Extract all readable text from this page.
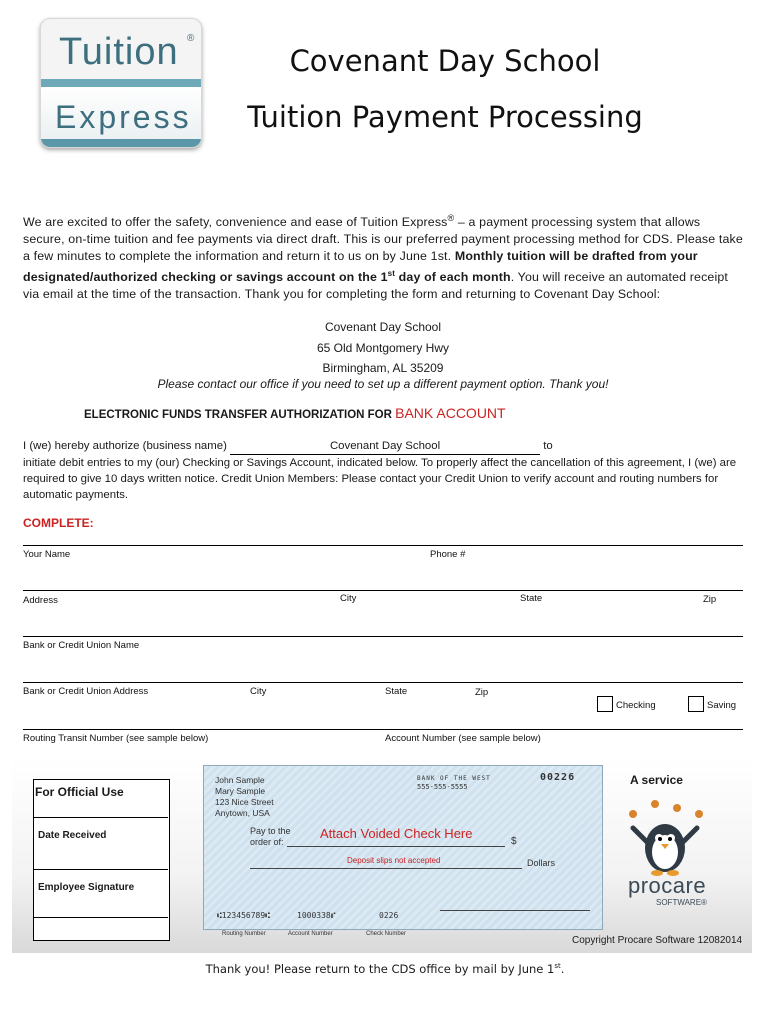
Tuition ®
Express
Covenant Day School
Tuition Payment Processing
We are excited to offer the safety, convenience and ease of Tuition Express® – a payment processing system that allows secure, on-time tuition and fee payments via direct draft. This is our preferred payment processing method for CDS. Please take a few minutes to complete the information and return it to us on by June 1st. Monthly tuition will be drafted from your designated/authorized checking or savings account on the 1st day of each month. You will receive an automated receipt via email at the time of the transaction. Thank you for completing the form and returning to Covenant Day School:
Covenant Day School
65 Old Montgomery Hwy
Birmingham, AL 35209
Please contact our office if you need to set up a different payment option. Thank you!
ELECTRONIC FUNDS TRANSFER AUTHORIZATION FOR BANK ACCOUNT
I (we) hereby authorize (business name)	Covenant Day School	to
initiate debit entries to my (our) Checking or Savings Account, indicated below. To properly affect the cancellation of this agreement, I (we) are required to give 10 days written notice. Credit Union Members: Please contact your Credit Union to verify account and routing numbers for automatic payments.
COMPLETE:
Your Name	Phone #
Address	City	State	Zip
Bank or Credit Union Name
Bank or Credit Union Address	City	State	Zip
Checking	Saving
Routing Transit Number (see sample below)	Account Number (see sample below)
For Official Use
Date Received
Employee Signature
John Sample
Mary Sample
123 Nice Street
Anytown, USA
BANK OF THE WEST
555-555-5555
00226
Pay to the
order of:
Attach Voided Check Here
$
Deposit slips not accepted	Dollars
⑆123456789⑆	1000338⑈	0226
Routing Number	Account Number	Check Number
A service
procare
SOFTWARE®
Copyright Procare Software 12082014
Thank you! Please return to the CDS office by mail by June 1st.
